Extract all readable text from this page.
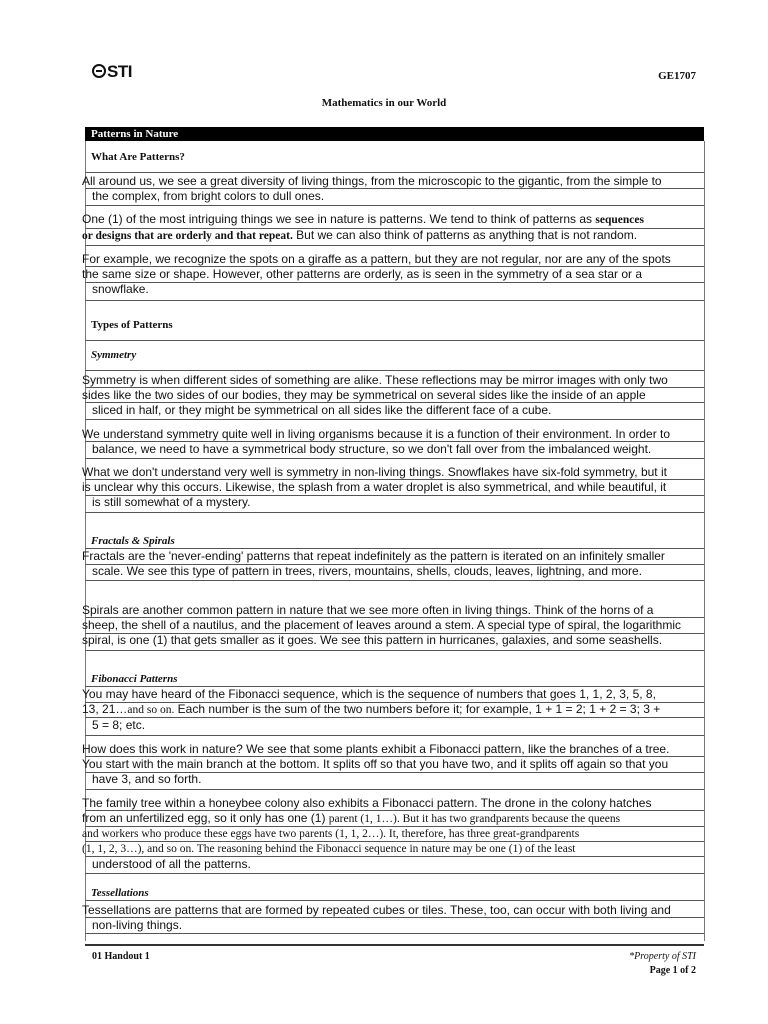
STI	GE1707
Mathematics in our World
Patterns in Nature
What Are Patterns?
All around us, we see a great diversity of living things, from the microscopic to the gigantic, from the simple to
the complex, from bright colors to dull ones.
One (1) of the most intriguing things we see in nature is patterns. We tend to think of patterns as sequences
or designs that are orderly and that repeat. But we can also think of patterns as anything that is not random.
For example, we recognize the spots on a giraffe as a pattern, but they are not regular, nor are any of the spots
the same size or shape. However, other patterns are orderly, as is seen in the symmetry of a sea star or a
snowflake.
Types of Patterns
Symmetry
Symmetry is when different sides of something are alike. These reflections may be mirror images with only two
sides like the two sides of our bodies, they may be symmetrical on several sides like the inside of an apple
sliced in half, or they might be symmetrical on all sides like the different face of a cube.
We understand symmetry quite well in living organisms because it is a function of their environment. In order to
balance, we need to have a symmetrical body structure, so we don't fall over from the imbalanced weight.
What we don't understand very well is symmetry in non-living things. Snowflakes have six-fold symmetry, but it
is unclear why this occurs. Likewise, the splash from a water droplet is also symmetrical, and while beautiful, it
is still somewhat of a mystery.
Fractals & Spirals
Fractals are the 'never-ending' patterns that repeat indefinitely as the pattern is iterated on an infinitely smaller
scale. We see this type of pattern in trees, rivers, mountains, shells, clouds, leaves, lightning, and more.
Spirals are another common pattern in nature that we see more often in living things. Think of the horns of a
sheep, the shell of a nautilus, and the placement of leaves around a stem. A special type of spiral, the logarithmic
spiral, is one (1) that gets smaller as it goes. We see this pattern in hurricanes, galaxies, and some seashells.
Fibonacci Patterns
You may have heard of the Fibonacci sequence, which is the sequence of numbers that goes 1, 1, 2, 3, 5, 8,
13, 21…and so on. Each number is the sum of the two numbers before it; for example, 1 + 1 = 2; 1 + 2 = 3; 3 +
5 = 8; etc.
How does this work in nature? We see that some plants exhibit a Fibonacci pattern, like the branches of a tree.
You start with the main branch at the bottom. It splits off so that you have two, and it splits off again so that you
have 3, and so forth.
The family tree within a honeybee colony also exhibits a Fibonacci pattern. The drone in the colony hatches
from an unfertilized egg, so it only has one (1) parent (1, 1…). But it has two grandparents because the queens
and workers who produce these eggs have two parents (1, 1, 2…). It, therefore, has three great-grandparents
(1, 1, 2, 3…), and so on. The reasoning behind the Fibonacci sequence in nature may be one (1) of the least
understood of all the patterns.
Tessellations
Tessellations are patterns that are formed by repeated cubes or tiles. These, too, can occur with both living and
non-living things.
01 Handout 1	*Property of STI
Page 1 of 2
